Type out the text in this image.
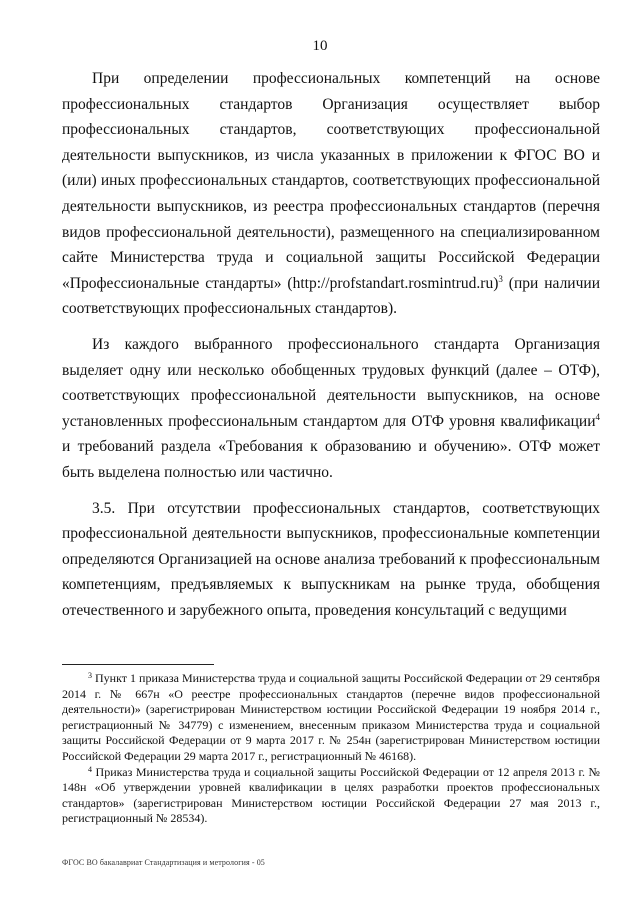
10

При определении профессиональных компетенций на основе профессиональных стандартов Организация осуществляет выбор профессиональных стандартов, соответствующих профессиональной деятельности выпускников, из числа указанных в приложении к ФГОС ВО и (или) иных профессиональных стандартов, соответствующих профессиональной деятельности выпускников, из реестра профессиональных стандартов (перечня видов профессиональной деятельности), размещенного на специализированном сайте Министерства труда и социальной защиты Российской Федерации «Профессиональные стандарты» (http://profstandart.rosmintrud.ru)$^3$ (при наличии соответствующих профессиональных стандартов).

Из каждого выбранного профессионального стандарта Организация выделяет одну или несколько обобщенных трудовых функций (далее – ОТФ), соответствующих профессиональной деятельности выпускников, на основе установленных профессиональным стандартом для ОТФ уровня квалификации$^4$ и требований раздела «Требования к образованию и обучению». ОТФ может быть выделена полностью или частично.

3.5. При отсутствии профессиональных стандартов, соответствующих профессиональной деятельности выпускников, профессиональные компетенции определяются Организацией на основе анализа требований к профессиональным компетенциям, предъявляемых к выпускникам на рынке труда, обобщения отечественного и зарубежного опыта, проведения консультаций с ведущими

$^3$ Пункт 1 приказа Министерства труда и социальной защиты Российской Федерации от 29 сентября 2014 г. № 667н «О реестре профессиональных стандартов (перечне видов профессиональной деятельности)» (зарегистрирован Министерством юстиции Российской Федерации 19 ноября 2014 г., регистрационный № 34779) с изменением, внесенным приказом Министерства труда и социальной защиты Российской Федерации от 9 марта 2017 г. № 254н (зарегистрирован Министерством юстиции Российской Федерации 29 марта 2017 г., регистрационный № 46168).

$^4$ Приказ Министерства труда и социальной защиты Российской Федерации от 12 апреля 2013 г. № 148н «Об утверждении уровней квалификации в целях разработки проектов профессиональных стандартов» (зарегистрирован Министерством юстиции Российской Федерации 27 мая 2013 г., регистрационный № 28534).

ФГОС ВО бакалавриат Стандартизация и метрология - 05
